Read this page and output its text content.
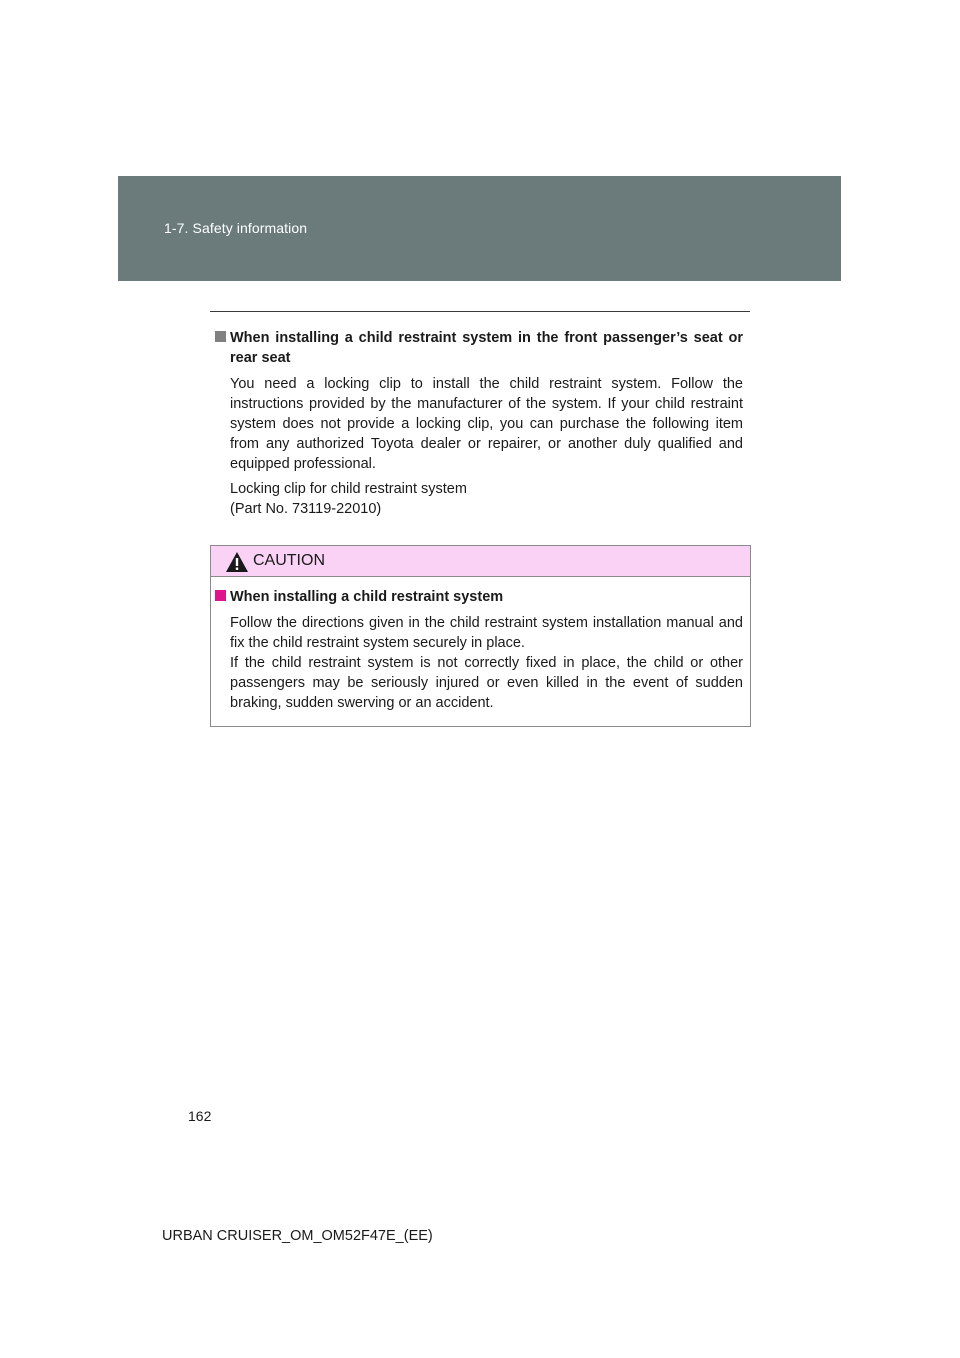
1-7. Safety information
When installing a child restraint system in the front passenger’s seat or rear seat
You need a locking clip to install the child restraint system. Follow the instructions provided by the manufacturer of the system. If your child restraint system does not provide a locking clip, you can purchase the following item from any authorized Toyota dealer or repairer, or another duly qualified and equipped professional.
Locking clip for child restraint system
(Part No. 73119-22010)
CAUTION
When installing a child restraint system
Follow the directions given in the child restraint system installation manual and fix the child restraint system securely in place.
If the child restraint system is not correctly fixed in place, the child or other passengers may be seriously injured or even killed in the event of sudden braking, sudden swerving or an accident.
162
URBAN CRUISER_OM_OM52F47E_(EE)
